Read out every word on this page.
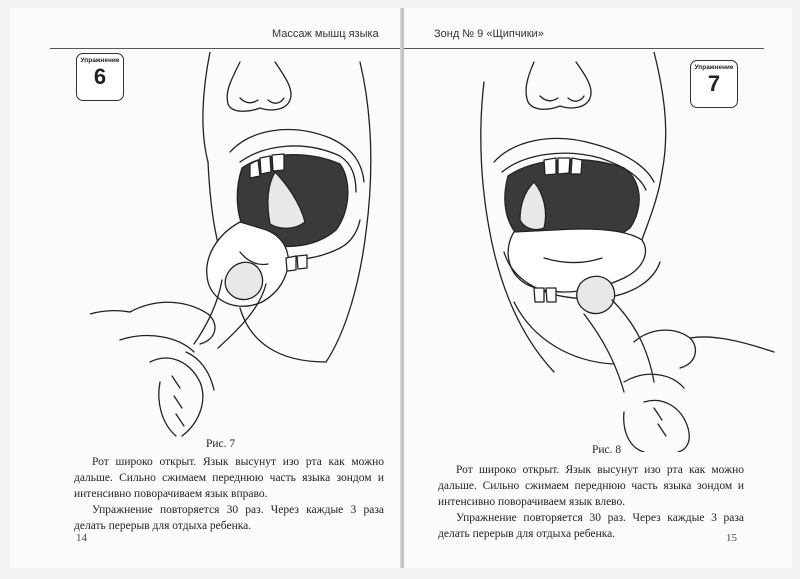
Массаж мышц языка
Упражнение
6
Рис. 7

Рот широко открыт. Язык высунут изо рта как можно дальше. Сильно сжимаем переднюю часть языка зондом и интенсивно поворачиваем язык вправо.

Упражнение повторяется 30 раз. Через каждые 3 раза делать перерыв для отдыха ребенка.

14
Зонд № 9 «Щипчики»
Упражнение
7
Рис. 8

Рот широко открыт. Язык высунут изо рта как можно дальше. Сильно сжимаем переднюю часть языка зондом и интенсивно поворачиваем язык влево.

Упражнение повторяется 30 раз. Через каждые 3 раза делать перерыв для отдыха ребенка.	15
